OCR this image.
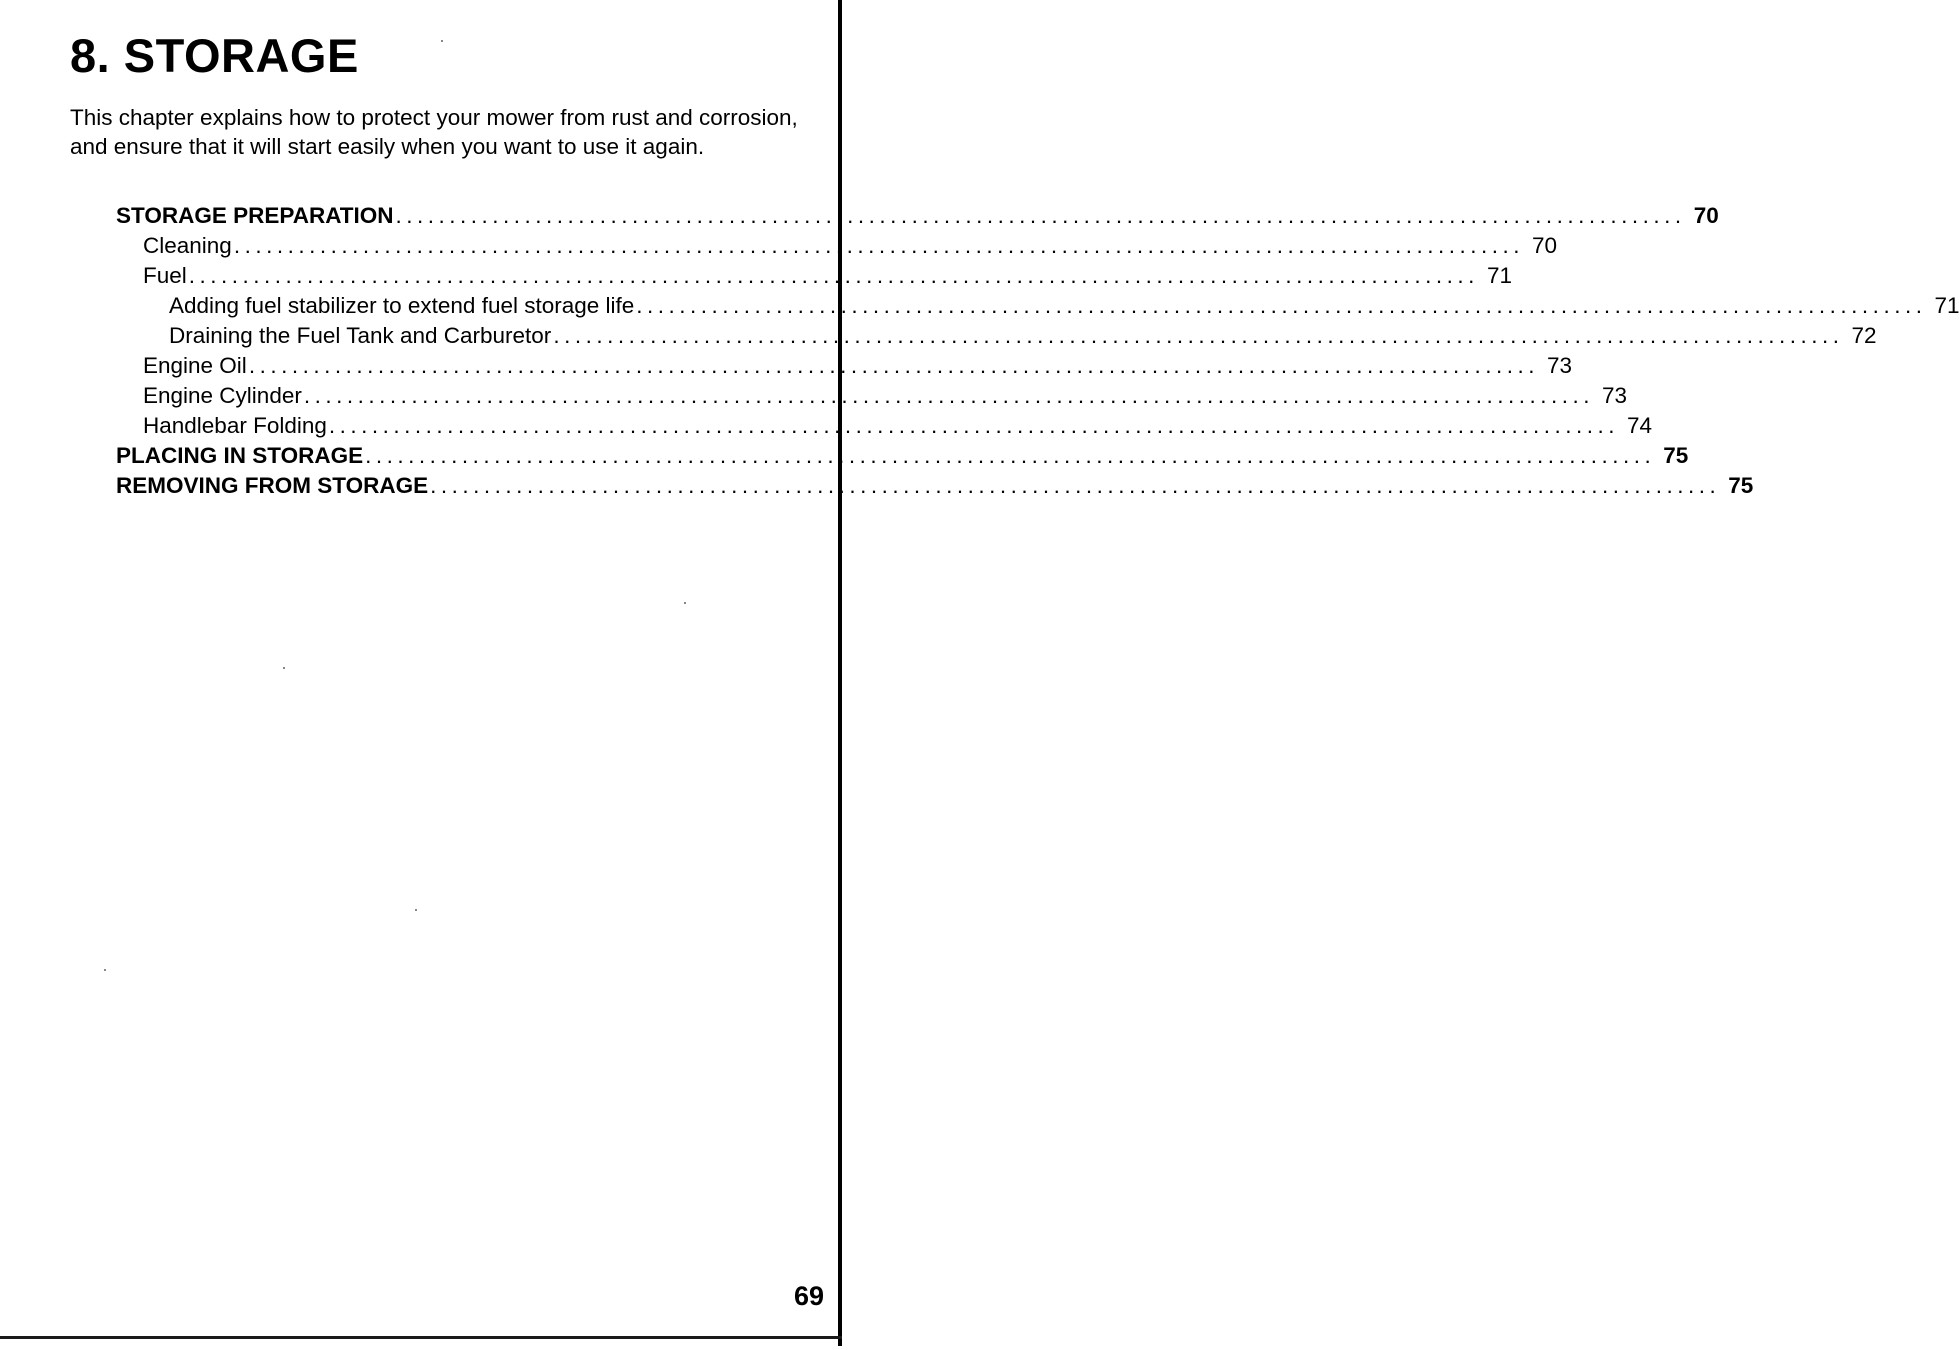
8. STORAGE

This chapter explains how to protect your mower from rust and corrosion, and ensure that it will start easily when you want to use it again.

STORAGE PREPARATION ........................................................................................................................ 70
Cleaning ........................................................................................................................ 70
Fuel ........................................................................................................................ 71
Adding fuel stabilizer to extend fuel storage life ........................................................................................................................ 71
Draining the Fuel Tank and Carburetor ........................................................................................................................ 72
Engine Oil ........................................................................................................................ 73
Engine Cylinder ........................................................................................................................ 73
Handlebar Folding ........................................................................................................................ 74
PLACING IN STORAGE ........................................................................................................................ 75
REMOVING FROM STORAGE ........................................................................................................................ 75
69
